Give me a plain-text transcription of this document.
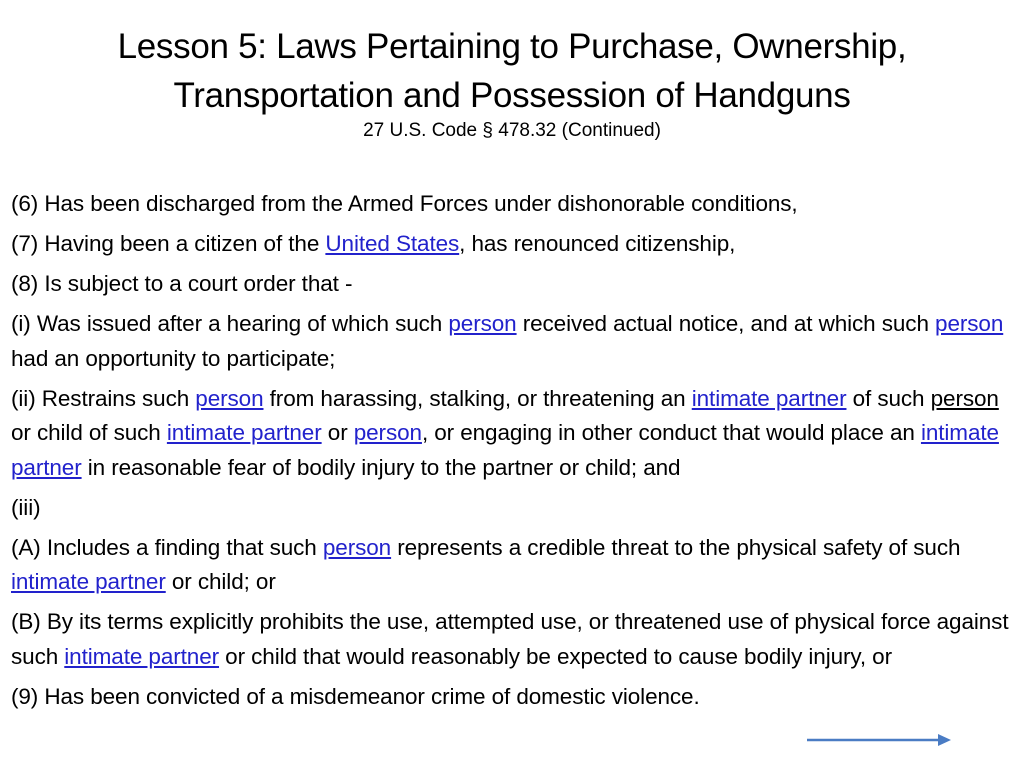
Lesson 5: Laws Pertaining to Purchase, Ownership,
Transportation and Possession of Handguns
27 U.S. Code § 478.32 (Continued)

(6) Has been discharged from the Armed Forces under dishonorable conditions,

(7) Having been a citizen of the United States, has renounced citizenship,

(8) Is subject to a court order that -

(i) Was issued after a hearing of which such person received actual notice, and at which such person had an opportunity to participate;

(ii) Restrains such person from harassing, stalking, or threatening an intimate partner of such person or child of such intimate partner or person, or engaging in other conduct that would place an intimate partner in reasonable fear of bodily injury to the partner or child; and

(iii)

(A) Includes a finding that such person represents a credible threat to the physical safety of such intimate partner or child; or

(B) By its terms explicitly prohibits the use, attempted use, or threatened use of physical force against such intimate partner or child that would reasonably be expected to cause bodily injury, or

(9) Has been convicted of a misdemeanor crime of domestic violence.
